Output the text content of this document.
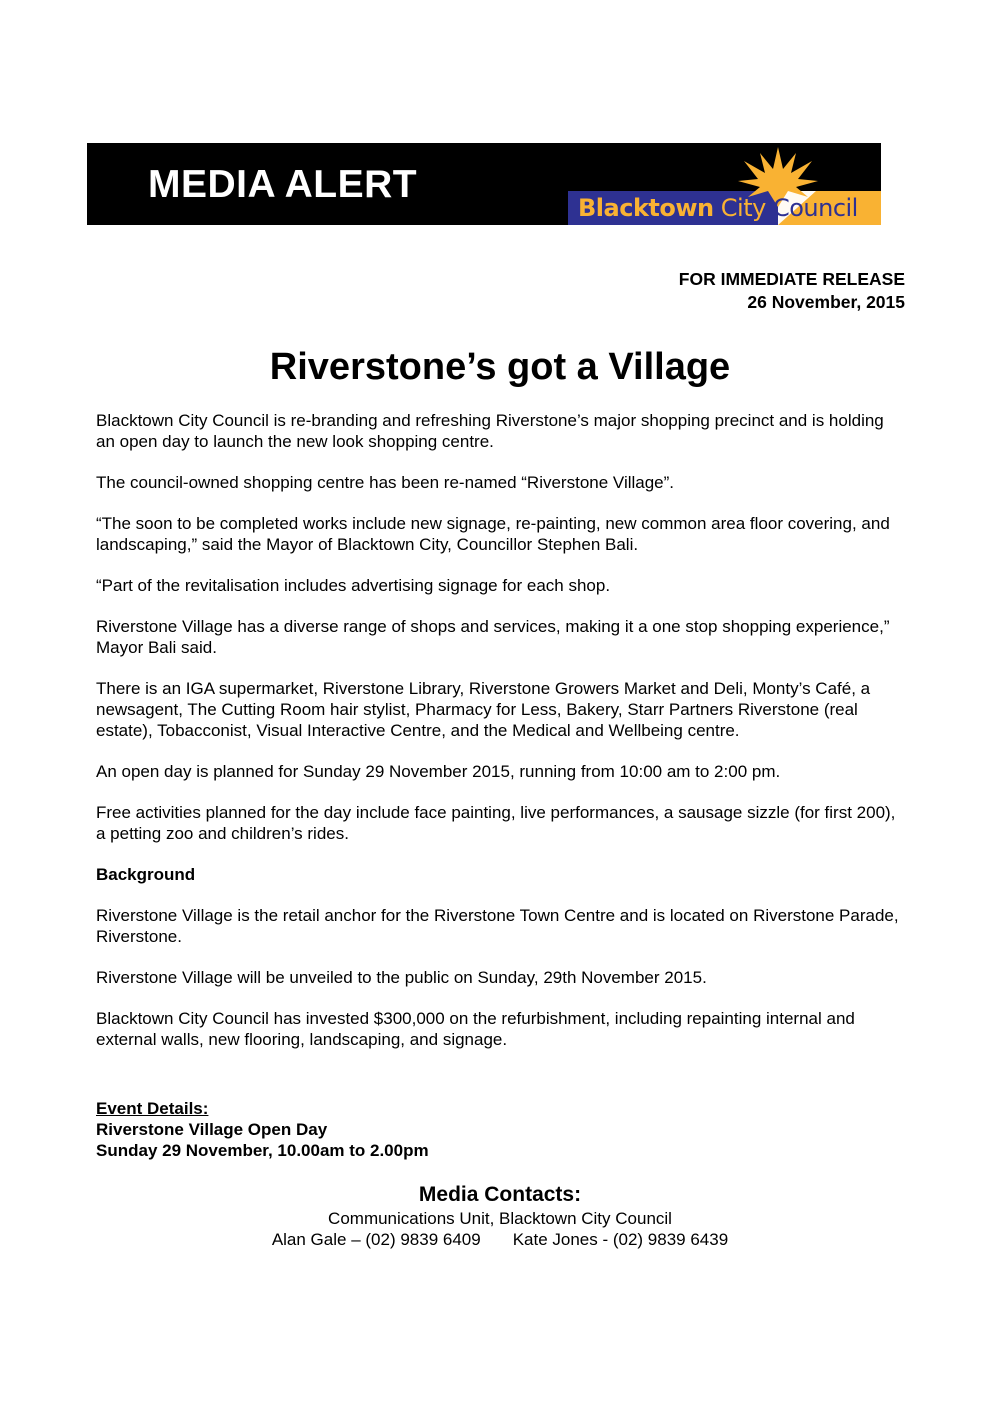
MEDIA ALERT
Blacktown City Council
FOR IMMEDIATE RELEASE
26 November, 2015
Riverstone’s got a Village

Blacktown City Council is re-branding and refreshing Riverstone’s major shopping precinct and is holding an open day to launch the new look shopping centre.

The council-owned shopping centre has been re-named “Riverstone Village”.

“The soon to be completed works include new signage, re-painting, new common area floor covering, and landscaping,” said the Mayor of Blacktown City, Councillor Stephen Bali.

“Part of the revitalisation includes advertising signage for each shop.

Riverstone Village has a diverse range of shops and services, making it a one stop shopping experience,” Mayor Bali said.

There is an IGA supermarket, Riverstone Library, Riverstone Growers Market and Deli, Monty’s Café, a newsagent, The Cutting Room hair stylist, Pharmacy for Less, Bakery, Starr Partners Riverstone (real estate), Tobacconist, Visual Interactive Centre, and the Medical and Wellbeing centre.

An open day is planned for Sunday 29 November 2015, running from 10:00 am to 2:00 pm.

Free activities planned for the day include face painting, live performances, a sausage sizzle (for first 200), a petting zoo and children’s rides.

Background

Riverstone Village is the retail anchor for the Riverstone Town Centre and is located on Riverstone Parade, Riverstone.

Riverstone Village will be unveiled to the public on Sunday, 29th November 2015.

Blacktown City Council has invested $300,000 on the refurbishment, including repainting internal and external walls, new flooring, landscaping, and signage.

Event Details:
Riverstone Village Open Day
Sunday 29 November, 10.00am to 2.00pm
Media Contacts:
Communications Unit, Blacktown City Council
Alan Gale – (02) 9839 6409 Kate Jones - (02) 9839 6439
